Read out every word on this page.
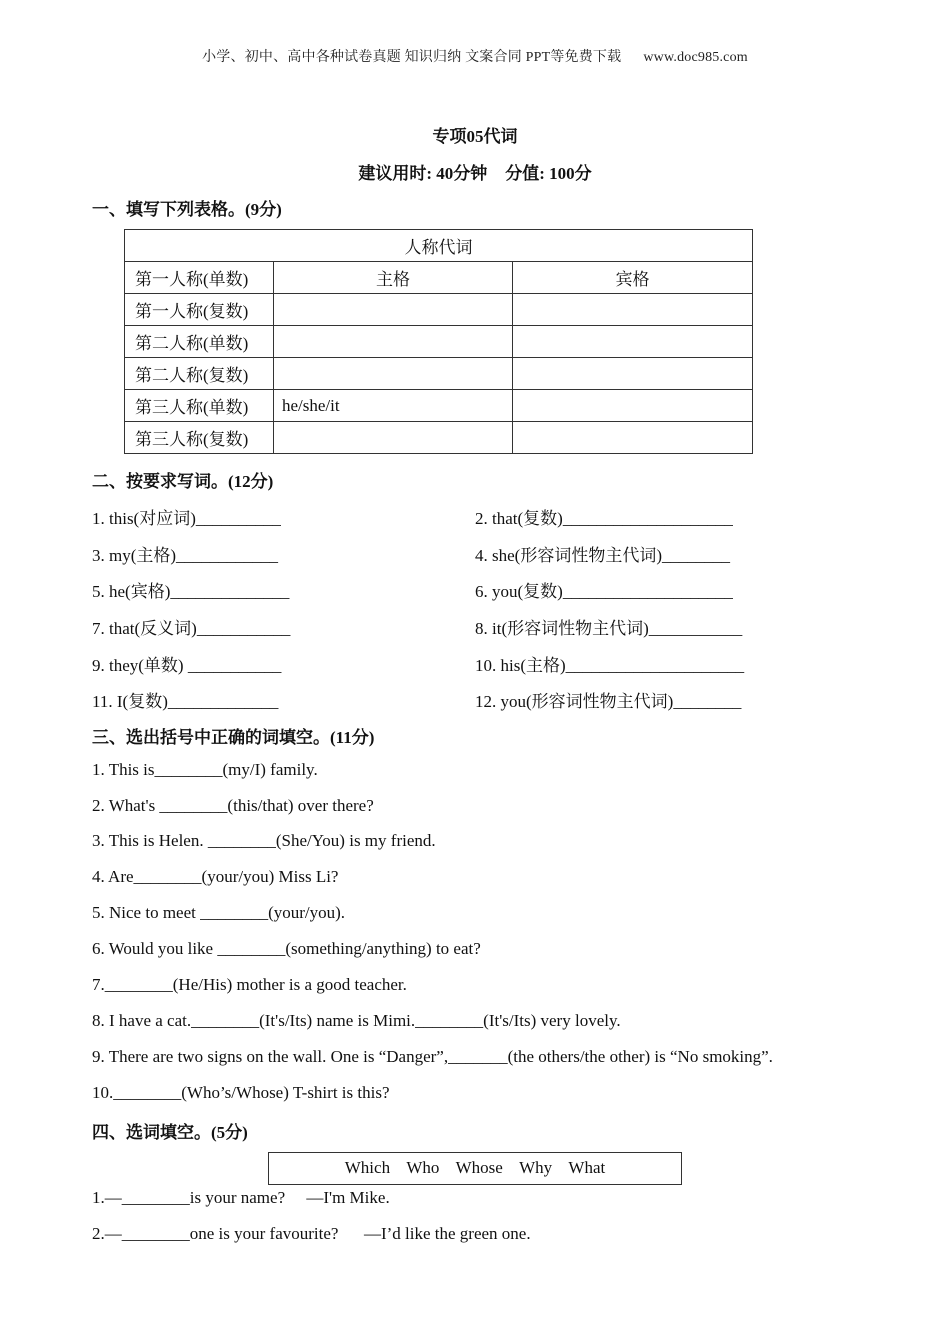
小学、初中、高中各种试卷真题 知识归纳 文案合同 PPT等免费下载 www.doc985.com
专项05代词
建议用时: 40分钟 分值: 100分
一、填写下列表格。(9分)
人称代词		
第一人称(单数)	主格	宾格
第一人称(复数)		
第二人称(单数)		
第二人称(复数)		
第三人称(单数)	he/she/it	
第三人称(复数)		
二、按要求写词。(12分)
1. this(对应词)__________	2. that(复数)____________________
3. my(主格)____________	4. she(形容词性物主代词)________
5. he(宾格)______________	6. you(复数)____________________
7. that(反义词)___________	8. it(形容词性物主代词)___________
9. they(单数) ___________	10. his(主格)_____________________
11. I(复数)_____________	12. you(形容词性物主代词)________
三、选出括号中正确的词填空。(11分)
1. This is________(my/I) family.
2. What's ________(this/that) over there?
3. This is Helen. ________(She/You) is my friend.
4. Are________(your/you) Miss Li?
5. Nice to meet ________(your/you).
6. Would you like ________(something/anything) to eat?
7.________(He/His) mother is a good teacher.
8. I have a cat.________(It's/Its) name is Mimi.________(It's/Its) very lovely.
9. There are two signs on the wall. One is “Danger”,_______(the others/the other) is “No smoking”.
10.________(Who’s/Whose) T-shirt is this?
四、选词填空。(5分)
Which Who Whose Why What
1.—________is your name?     —I'm Mike.
2.—________one is your favourite?      —I’d like the green one.
